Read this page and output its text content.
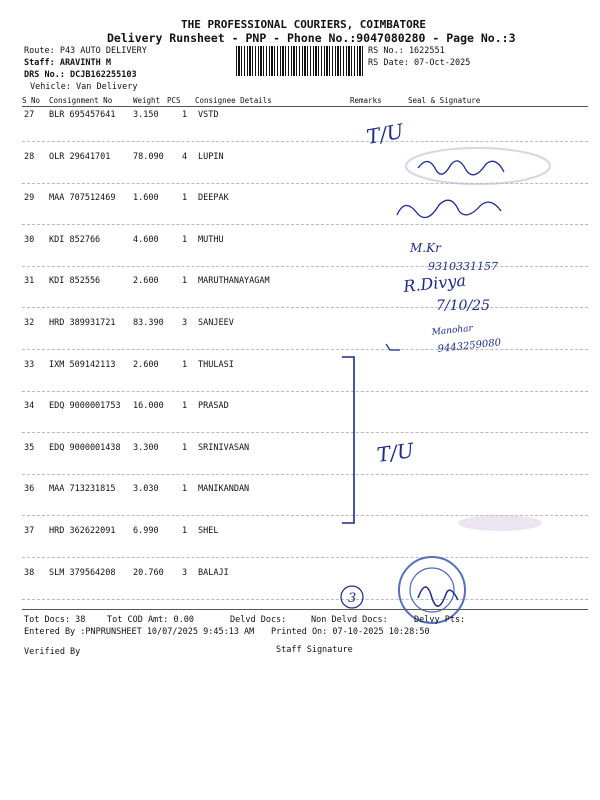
THE PROFESSIONAL COURIERS, COIMBATORE
Delivery Runsheet - PNP - Phone No.:9047080280 - Page No.:3
Route: P43 AUTO DELIVERY
Staff: ARAVINTH M
DRS No.: DCJB162255103
Vehicle: Van Delivery
RS No.: 1622551
RS Date: 07-Oct-2025
S No Consignment No	Weight PCS Consignee Details	Remarks	Seal & Signature
27 BLR 695457641 3.150	1 VSTD
28 OLR 29641701	78.090 4 LUPIN
29 MAA 707512469 1.600	1 DEEPAK
30 KDI 852766	4.600	1 MUTHU
31 KDI 852556	2.600	1 MARUTHANAYAGAM
32 HRD 389931721 83.390 3 SANJEEV
33 IXM 509142113 2.600	1 THULASI
34 EDQ 9000001753 16.000 1 PRASAD
35 EDQ 9000001438 3.300	1 SRINIVASAN
36 MAA 713231815 3.030	1 MANIKANDAN
37 HRD 362622091 6.990	1 SHEL
38 SLM 379564208 20.760 3 BALAJI
T/U
T/U
M.Kr
9310331157
R.Divya
7/10/25
Manohar
9443259080
3
Tot Docs: 38	Tot COD Amt: 0.00	Delvd Docs:	Non Delvd Docs:	Delvy Pts:
Entered By :PNPRUNSHEET 10/07/2025 9:45:13 AM Printed On: 07-10-2025 10:28:50
Verified By	Staff Signature
